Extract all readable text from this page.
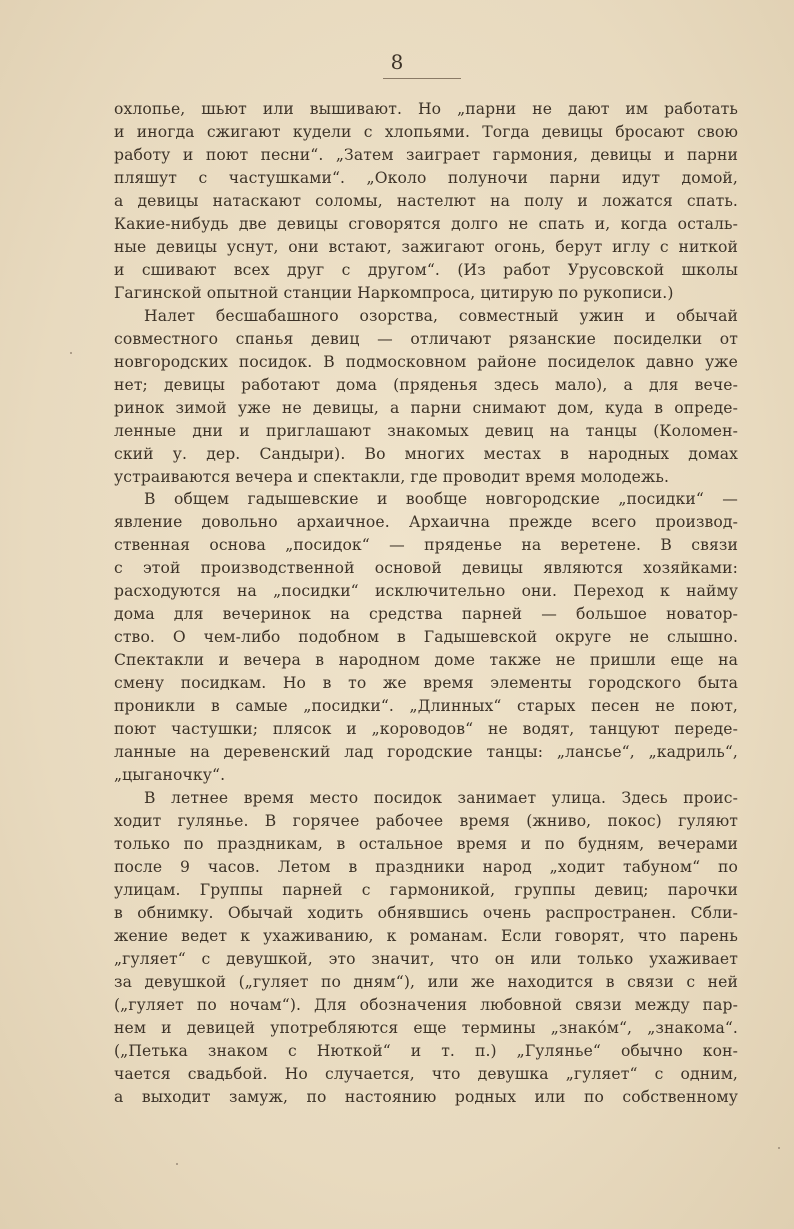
8
охлопье, шьют или вышивают. Но „парни не дают им работать
и иногда сжигают кудели с хлопьями. Тогда девицы бросают свою
работу и поют песни“. „Затем заиграет гармония, девицы и парни
пляшут с частушками“. „Около полуночи парни идут домой,
а девицы натаскают соломы, настелют на полу и ложатся спать.
Какие-нибудь две девицы сговорятся долго не спать и, когда осталь-
ные девицы уснут, они встают, зажигают огонь, берут иглу с ниткой
и сшивают всех друг с другом“. (Из работ Урусовской школы
Гагинской опытной станции Наркомпроса, цитирую по рукописи.)
Налет бесшабашного озорства, совместный ужин и обычай
совместного спанья девиц — отличают рязанские посиделки от
новгородских посидок. В подмосковном районе посиделок давно уже
нет; девицы работают дома (пряденья здесь мало), а для вече-
ринок зимой уже не девицы, а парни снимают дом, куда в опреде-
ленные дни и приглашают знакомых девиц на танцы (Коломен-
ский у. дер. Сандыри). Во многих местах в народных домах
устраиваются вечера и спектакли, где проводит время молодежь.
В общем гадышевские и вообще новгородские „посидки“ —
явление довольно архаичное. Архаична прежде всего производ-
ственная основа „посидок“ — пряденье на веретене. В связи
с этой производственной основой девицы являются хозяйками:
расходуются на „посидки“ исключительно они. Переход к найму
дома для вечеринок на средства парней — большое новатор-
ство. О чем-либо подобном в Гадышевской округе не слышно.
Спектакли и вечера в народном доме также не пришли еще на
смену посидкам. Но в то же время элементы городского быта
проникли в самые „посидки“. „Длинных“ старых песен не поют,
поют частушки; плясок и „короводов“ не водят, танцуют переде-
ланные на деревенский лад городские танцы: „лансье“, „кадриль“,
„цыганочку“.
В летнее время место посидок занимает улица. Здесь проис-
ходит гулянье. В горячее рабочее время (жниво, покос) гуляют
только по праздникам, в остальное время и по будням, вечерами
после 9 часов. Летом в праздники народ „ходит табуном“ по
улицам. Группы парней с гармоникой, группы девиц; парочки
в обнимку. Обычай ходить обнявшись очень распространен. Сбли-
жение ведет к ухаживанию, к романам. Если говорят, что парень
„гуляет“ с девушкой, это значит, что он или только ухаживает
за девушкой („гуляет по дням“), или же находится в связи с ней
(„гуляет по ночам“). Для обозначения любовной связи между пар-
нем и девицей употребляются еще термины „знако́м“, „знакома“.
(„Петька знаком с Нюткой“ и т. п.) „Гулянье“ обычно кон-
чается свадьбой. Но случается, что девушка „гуляет“ с одним,
а выходит замуж, по настоянию родных или по собственному
